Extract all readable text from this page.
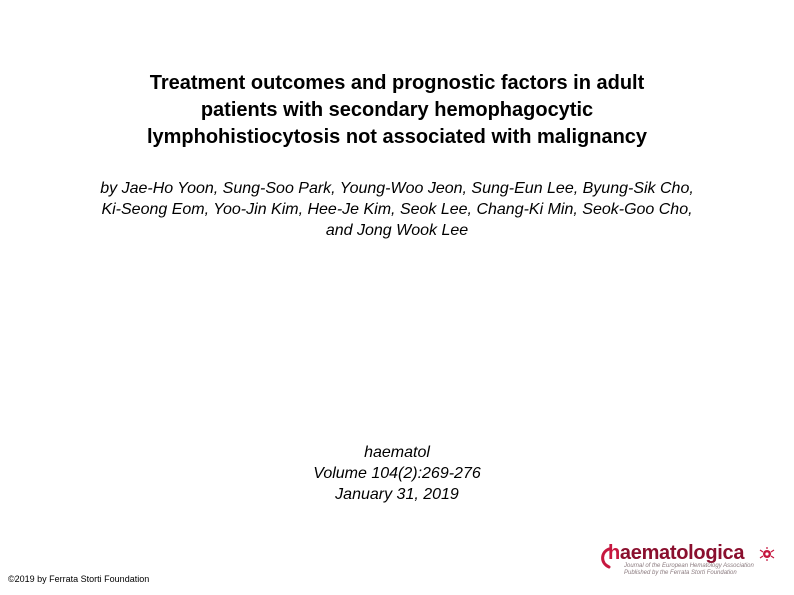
Treatment outcomes and prognostic factors in adult
patients with secondary hemophagocytic
lymphohistiocytosis not associated with malignancy
by Jae-Ho Yoon, Sung-Soo Park, Young-Woo Jeon, Sung-Eun Lee, Byung-Sik Cho,
Ki-Seong Eom, Yoo-Jin Kim, Hee-Je Kim, Seok Lee, Chang-Ki Min, Seok-Goo Cho,
and Jong Wook Lee
haematol
Volume 104(2):269-276
January 31, 2019
©2019 by Ferrata Storti Foundation
haematologica
Journal of the European Hematology Association
Published by the Ferrata Storti Foundation
